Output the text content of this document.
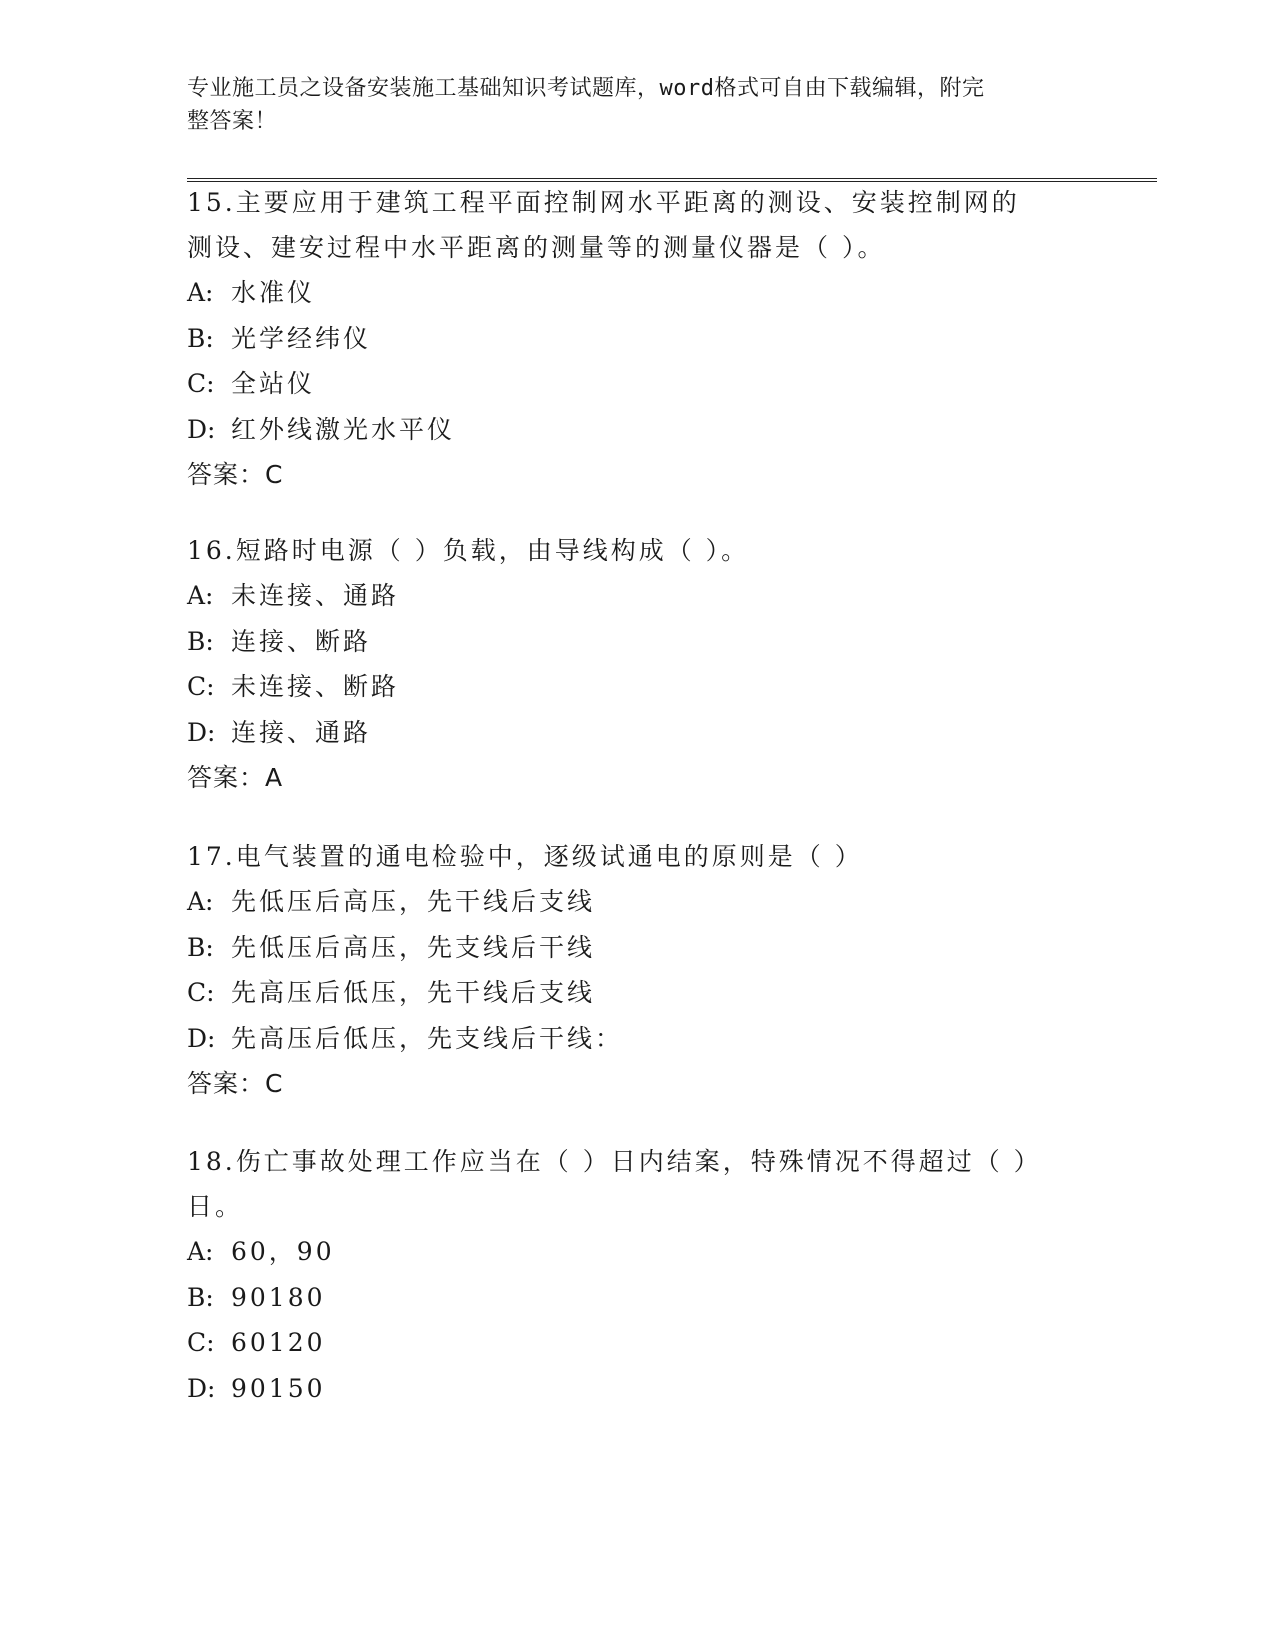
专业施工员之设备安装施工基础知识考试题库，word格式可自由下载编辑，附完
整答案！

15.主要应用于建筑工程平面控制网水平距离的测设、安装控制网的测设、建安过程中水平距离的测量等的测量仪器是（ ）。

A: 水准仪

B: 光学经纬仪

C: 全站仪

D: 红外线激光水平仪

答案：C

16.短路时电源（ ）负载，由导线构成（ ）。

A: 未连接、通路

B: 连接、断路

C: 未连接、断路

D: 连接、通路

答案：A

17.电气装置的通电检验中，逐级试通电的原则是（ ）

A: 先低压后高压，先干线后支线

B: 先低压后高压，先支线后干线

C: 先高压后低压，先干线后支线

D: 先高压后低压，先支线后干线：

答案：C

18.伤亡事故处理工作应当在（ ）日内结案，特殊情况不得超过（ ）日。

A: 60，90

B: 90180

C: 60120

D: 90150
